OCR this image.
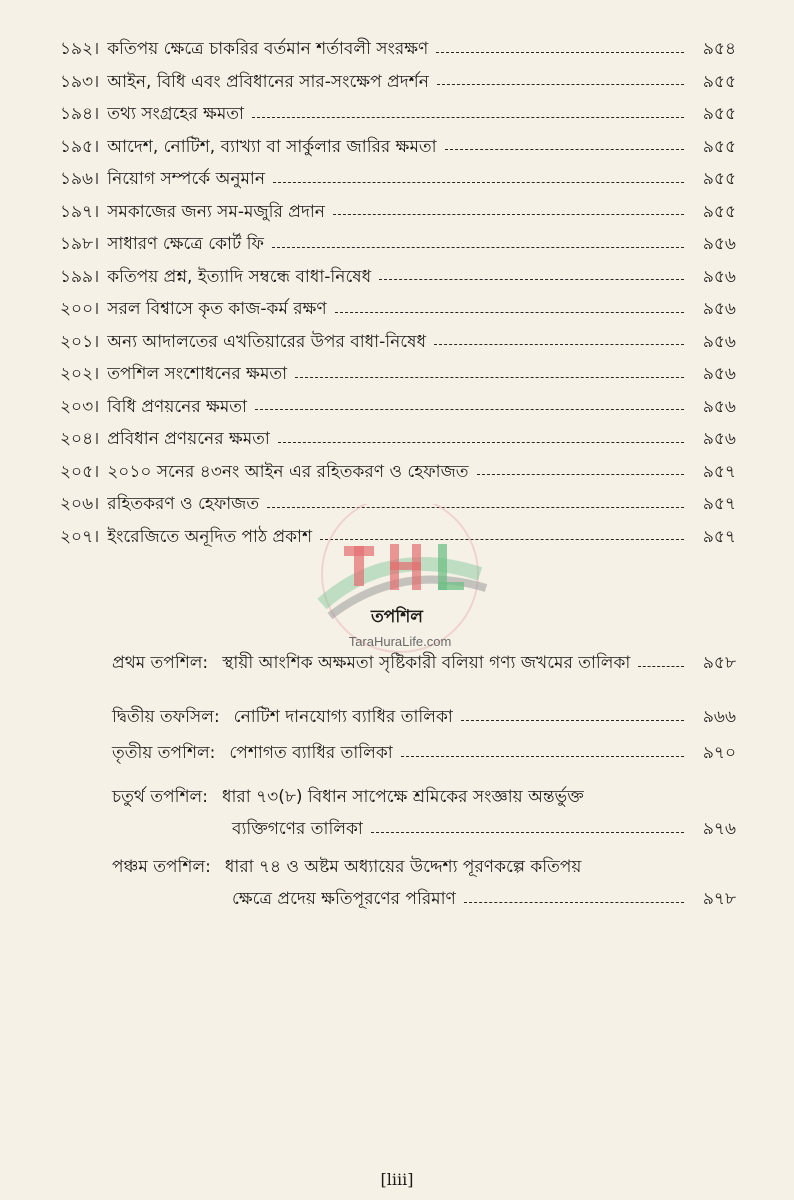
১৯২। কতিপয় ক্ষেত্রে চাকরির বর্তমান শর্তাবলী সংরক্ষণ	৯৫৪
১৯৩। আইন, বিধি এবং প্রবিধানের সার-সংক্ষেপ প্রদর্শন	৯৫৫
১৯৪। তথ্য সংগ্রহের ক্ষমতা	৯৫৫
১৯৫। আদেশ, নোটিশ, ব্যাখ্যা বা সার্কুলার জারির ক্ষমতা	৯৫৫
১৯৬। নিয়োগ সম্পর্কে অনুমান	৯৫৫
১৯৭। সমকাজের জন্য সম-মজুরি প্রদান	৯৫৫
১৯৮। সাধারণ ক্ষেত্রে কোর্ট ফি	৯৫৬
১৯৯। কতিপয় প্রশ্ন, ইত্যাদি সম্বন্ধে বাধা-নিষেধ	৯৫৬
২০০। সরল বিশ্বাসে কৃত কাজ-কর্ম রক্ষণ	৯৫৬
২০১। অন্য আদালতের এখতিয়ারের উপর বাধা-নিষেধ	৯৫৬
২০২। তপশিল সংশোধনের ক্ষমতা	৯৫৬
২০৩। বিধি প্রণয়নের ক্ষমতা	৯৫৬
২০৪। প্রবিধান প্রণয়নের ক্ষমতা	৯৫৬
২০৫। ২০১০ সনের ৪৩নং আইন এর রহিতকরণ ও হেফাজত	৯৫৭
২০৬। রহিতকরণ ও হেফাজত	৯৫৭
২০৭। ইংরেজিতে অনূদিত পাঠ প্রকাশ	৯৫৭
TaraHuraLife.com
তপশিল
প্রথম তপশিল: স্থায়ী আংশিক অক্ষমতা সৃষ্টিকারী বলিয়া গণ্য জখমের তালিকা	৯৫৮
দ্বিতীয় তফসিল: নোটিশ দানযোগ্য ব্যাধির তালিকা	৯৬৬
তৃতীয় তপশিল: পেশাগত ব্যাধির তালিকা	৯৭০
চতুর্থ তপশিল: ধারা ৭৩(৮) বিধান সাপেক্ষে শ্রমিকের সংজ্ঞায় অন্তর্ভুক্ত
ব্যক্তিগণের তালিকা	৯৭৬
পঞ্চম তপশিল: ধারা ৭৪ ও অষ্টম অধ্যায়ের উদ্দেশ্য পূরণকল্পে কতিপয়
ক্ষেত্রে প্রদেয় ক্ষতিপূরণের পরিমাণ	৯৭৮
[liii]
